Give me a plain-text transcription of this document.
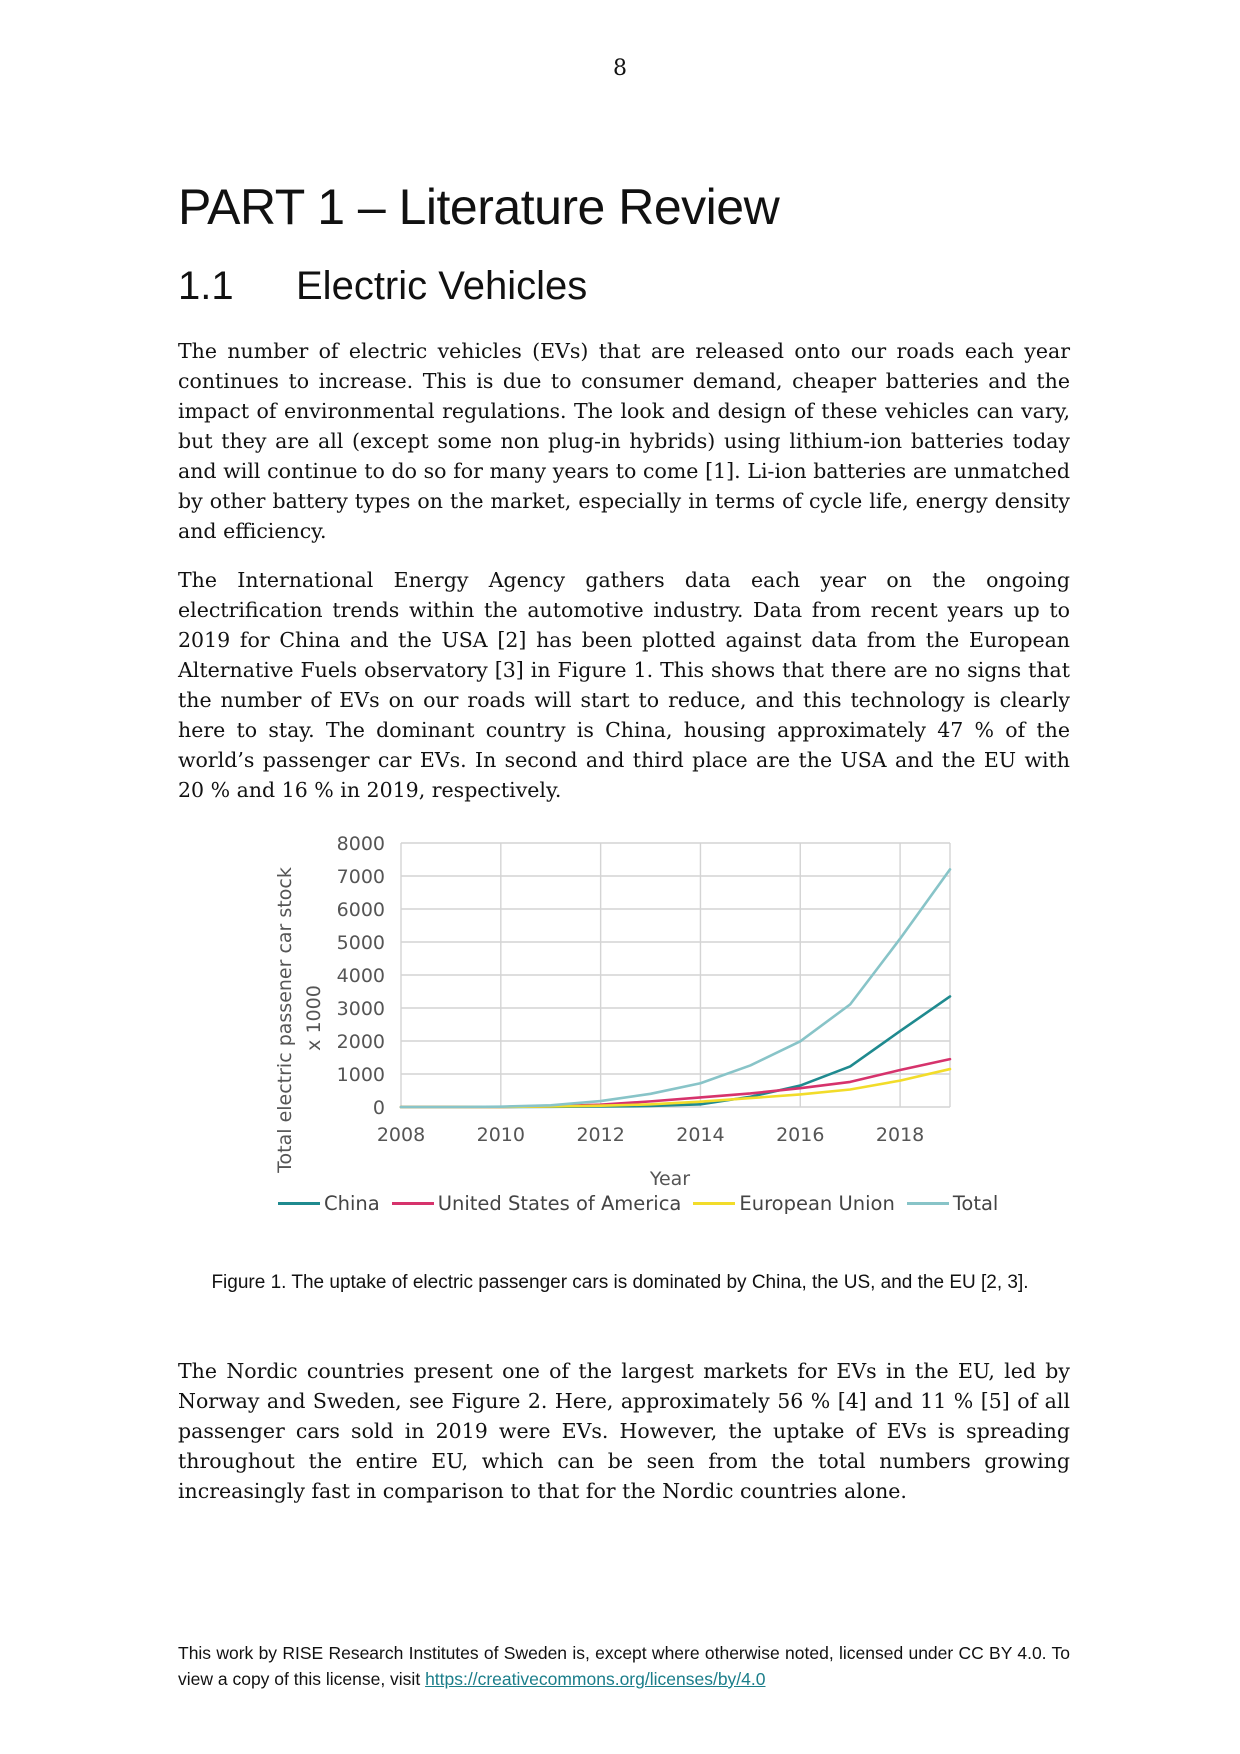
8
PART 1 – Literature Review
1.1 Electric Vehicles

The number of electric vehicles (EVs) that are released onto our roads each year continues to increase. This is due to consumer demand, cheaper batteries and the impact of environmental regulations. The look and design of these vehicles can vary, but they are all (except some non plug-in hybrids) using lithium-ion batteries today and will continue to do so for many years to come [1]. Li-ion batteries are unmatched by other battery types on the market, especially in terms of cycle life, energy density and efficiency.

The International Energy Agency gathers data each year on the ongoing electrification trends within the automotive industry. Data from recent years up to 2019 for China and the USA [2] has been plotted against data from the European Alternative Fuels observatory [3] in Figure 1. This shows that there are no signs that the number of EVs on our roads will start to reduce, and this technology is clearly here to stay. The dominant country is China, housing approximately 47 % of the world’s passenger car EVs. In second and third place are the USA and the EU with 20 % and 16 % in 2019, respectively.

0
1000
2000
3000
4000
5000
6000
7000
8000
2008	2010	2012	2014	2016	2018
Total electric passener car stock x 1000
Year
China	United States of America	European Union	Total
Figure 1. The uptake of electric passenger cars is dominated by China, the US, and the EU [2, 3].

The Nordic countries present one of the largest markets for EVs in the EU, led by Norway and Sweden, see Figure 2. Here, approximately 56 % [4] and 11 % [5] of all passenger cars sold in 2019 were EVs. However, the uptake of EVs is spreading throughout the entire EU, which can be seen from the total numbers growing increasingly fast in comparison to that for the Nordic countries alone.

This work by RISE Research Institutes of Sweden is, except where otherwise noted, licensed under CC BY 4.0. To view a copy of this license, visit https://creativecommons.org/licenses/by/4.0
